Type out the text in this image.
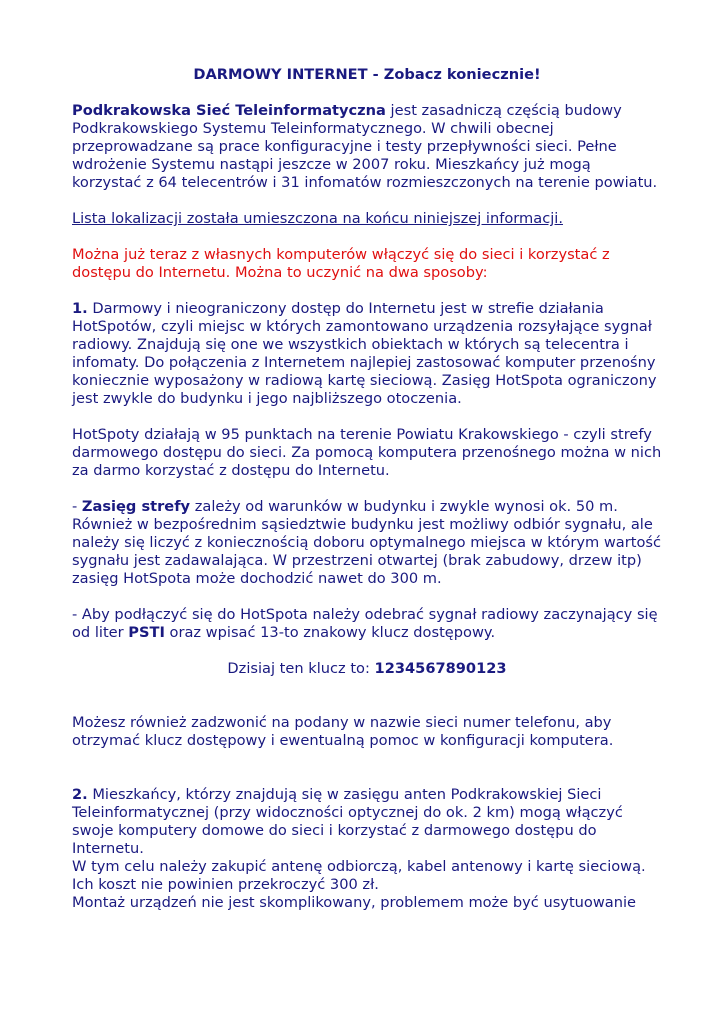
DARMOWY INTERNET - Zobacz koniecznie!

Podkrakowska Sieć Teleinformatyczna jest zasadniczą częścią budowy Podkrakowskiego Systemu Teleinformatycznego. W chwili obecnej przeprowadzane są prace konfiguracyjne i testy przepływności sieci. Pełne wdrożenie Systemu nastąpi jeszcze w 2007 roku. Mieszkańcy już mogą korzystać z 64 telecentrów i 31 infomatów rozmieszczonych na terenie powiatu.

Lista lokalizacji została umieszczona na końcu niniejszej informacji.

Można już teraz z własnych komputerów włączyć się do sieci i korzystać z dostępu do Internetu. Można to uczynić na dwa sposoby:

1. Darmowy i nieograniczony dostęp do Internetu jest w strefie działania HotSpotów, czyli miejsc w których zamontowano urządzenia rozsyłające sygnał radiowy. Znajdują się one we wszystkich obiektach w których są telecentra i infomaty. Do połączenia z Internetem najlepiej zastosować komputer przenośny koniecznie wyposażony w radiową kartę sieciową. Zasięg HotSpota ograniczony jest zwykle do budynku i jego najbliższego otoczenia.

HotSpoty działają w 95 punktach na terenie Powiatu Krakowskiego - czyli strefy darmowego dostępu do sieci. Za pomocą komputera przenośnego można w nich za darmo korzystać z dostępu do Internetu.

- Zasięg strefy zależy od warunków w budynku i zwykle wynosi ok. 50 m. Również w bezpośrednim sąsiedztwie budynku jest możliwy odbiór sygnału, ale należy się liczyć z koniecznością doboru optymalnego miejsca w którym wartość sygnału jest zadawalająca. W przestrzeni otwartej (brak zabudowy, drzew itp) zasięg HotSpota może dochodzić nawet do 300 m.

- Aby podłączyć się do HotSpota należy odebrać sygnał radiowy zaczynający się od liter PSTI oraz wpisać 13-to znakowy klucz dostępowy.

Dzisiaj ten klucz to: 1234567890123

Możesz również zadzwonić na podany w nazwie sieci numer telefonu, aby otrzymać klucz dostępowy i ewentualną pomoc w konfiguracji komputera.

2. Mieszkańcy, którzy znajdują się w zasięgu anten Podkrakowskiej Sieci Teleinformatycznej (przy widoczności optycznej do ok. 2 km) mogą włączyć swoje komputery domowe do sieci i korzystać z darmowego dostępu do Internetu.
W tym celu należy zakupić antenę odbiorczą, kabel antenowy i kartę sieciową.
Ich koszt nie powinien przekroczyć 300 zł.
Montaż urządzeń nie jest skomplikowany, problemem może być usytuowanie
